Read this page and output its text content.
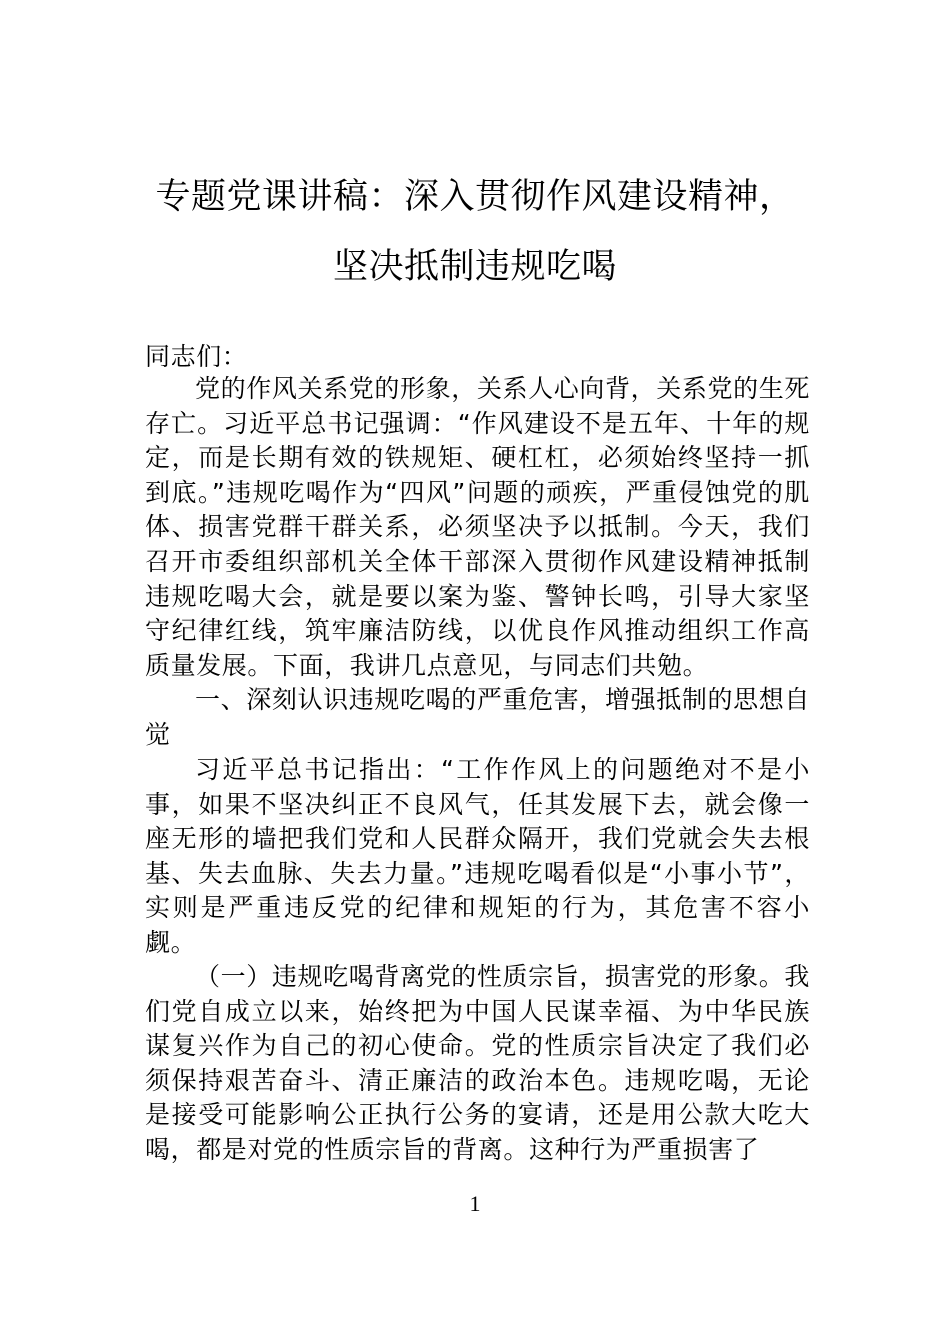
专题党课讲稿：深入贯彻作风建设精神，
坚决抵制违规吃喝
同志们：

党的作风关系党的形象，关系人心向背，关系党的生死存亡。习近平总书记强调：“作风建设不是五年、十年的规定，而是长期有效的铁规矩、硬杠杠，必须始终坚持一抓到底。”违规吃喝作为“四风”问题的顽疾，严重侵蚀党的肌体、损害党群干群关系，必须坚决予以抵制。今天，我们召开市委组织部机关全体干部深入贯彻作风建设精神抵制违规吃喝大会，就是要以案为鉴、警钟长鸣，引导大家坚守纪律红线，筑牢廉洁防线，以优良作风推动组织工作高质量发展。下面，我讲几点意见，与同志们共勉。

一、深刻认识违规吃喝的严重危害，增强抵制的思想自觉

习近平总书记指出：“工作作风上的问题绝对不是小事，如果不坚决纠正不良风气，任其发展下去，就会像一座无形的墙把我们党和人民群众隔开，我们党就会失去根基、失去血脉、失去力量。”违规吃喝看似是“小事小节”，实则是严重违反党的纪律和规矩的行为，其危害不容小觑。

（一）违规吃喝背离党的性质宗旨，损害党的形象。我们党自成立以来，始终把为中国人民谋幸福、为中华民族谋复兴作为自己的初心使命。党的性质宗旨决定了我们必须保持艰苦奋斗、清正廉洁的政治本色。违规吃喝，无论是接受可能影响公正执行公务的宴请，还是用公款大吃大喝，都是对党的性质宗旨的背离。这种行为严重损害了

1
